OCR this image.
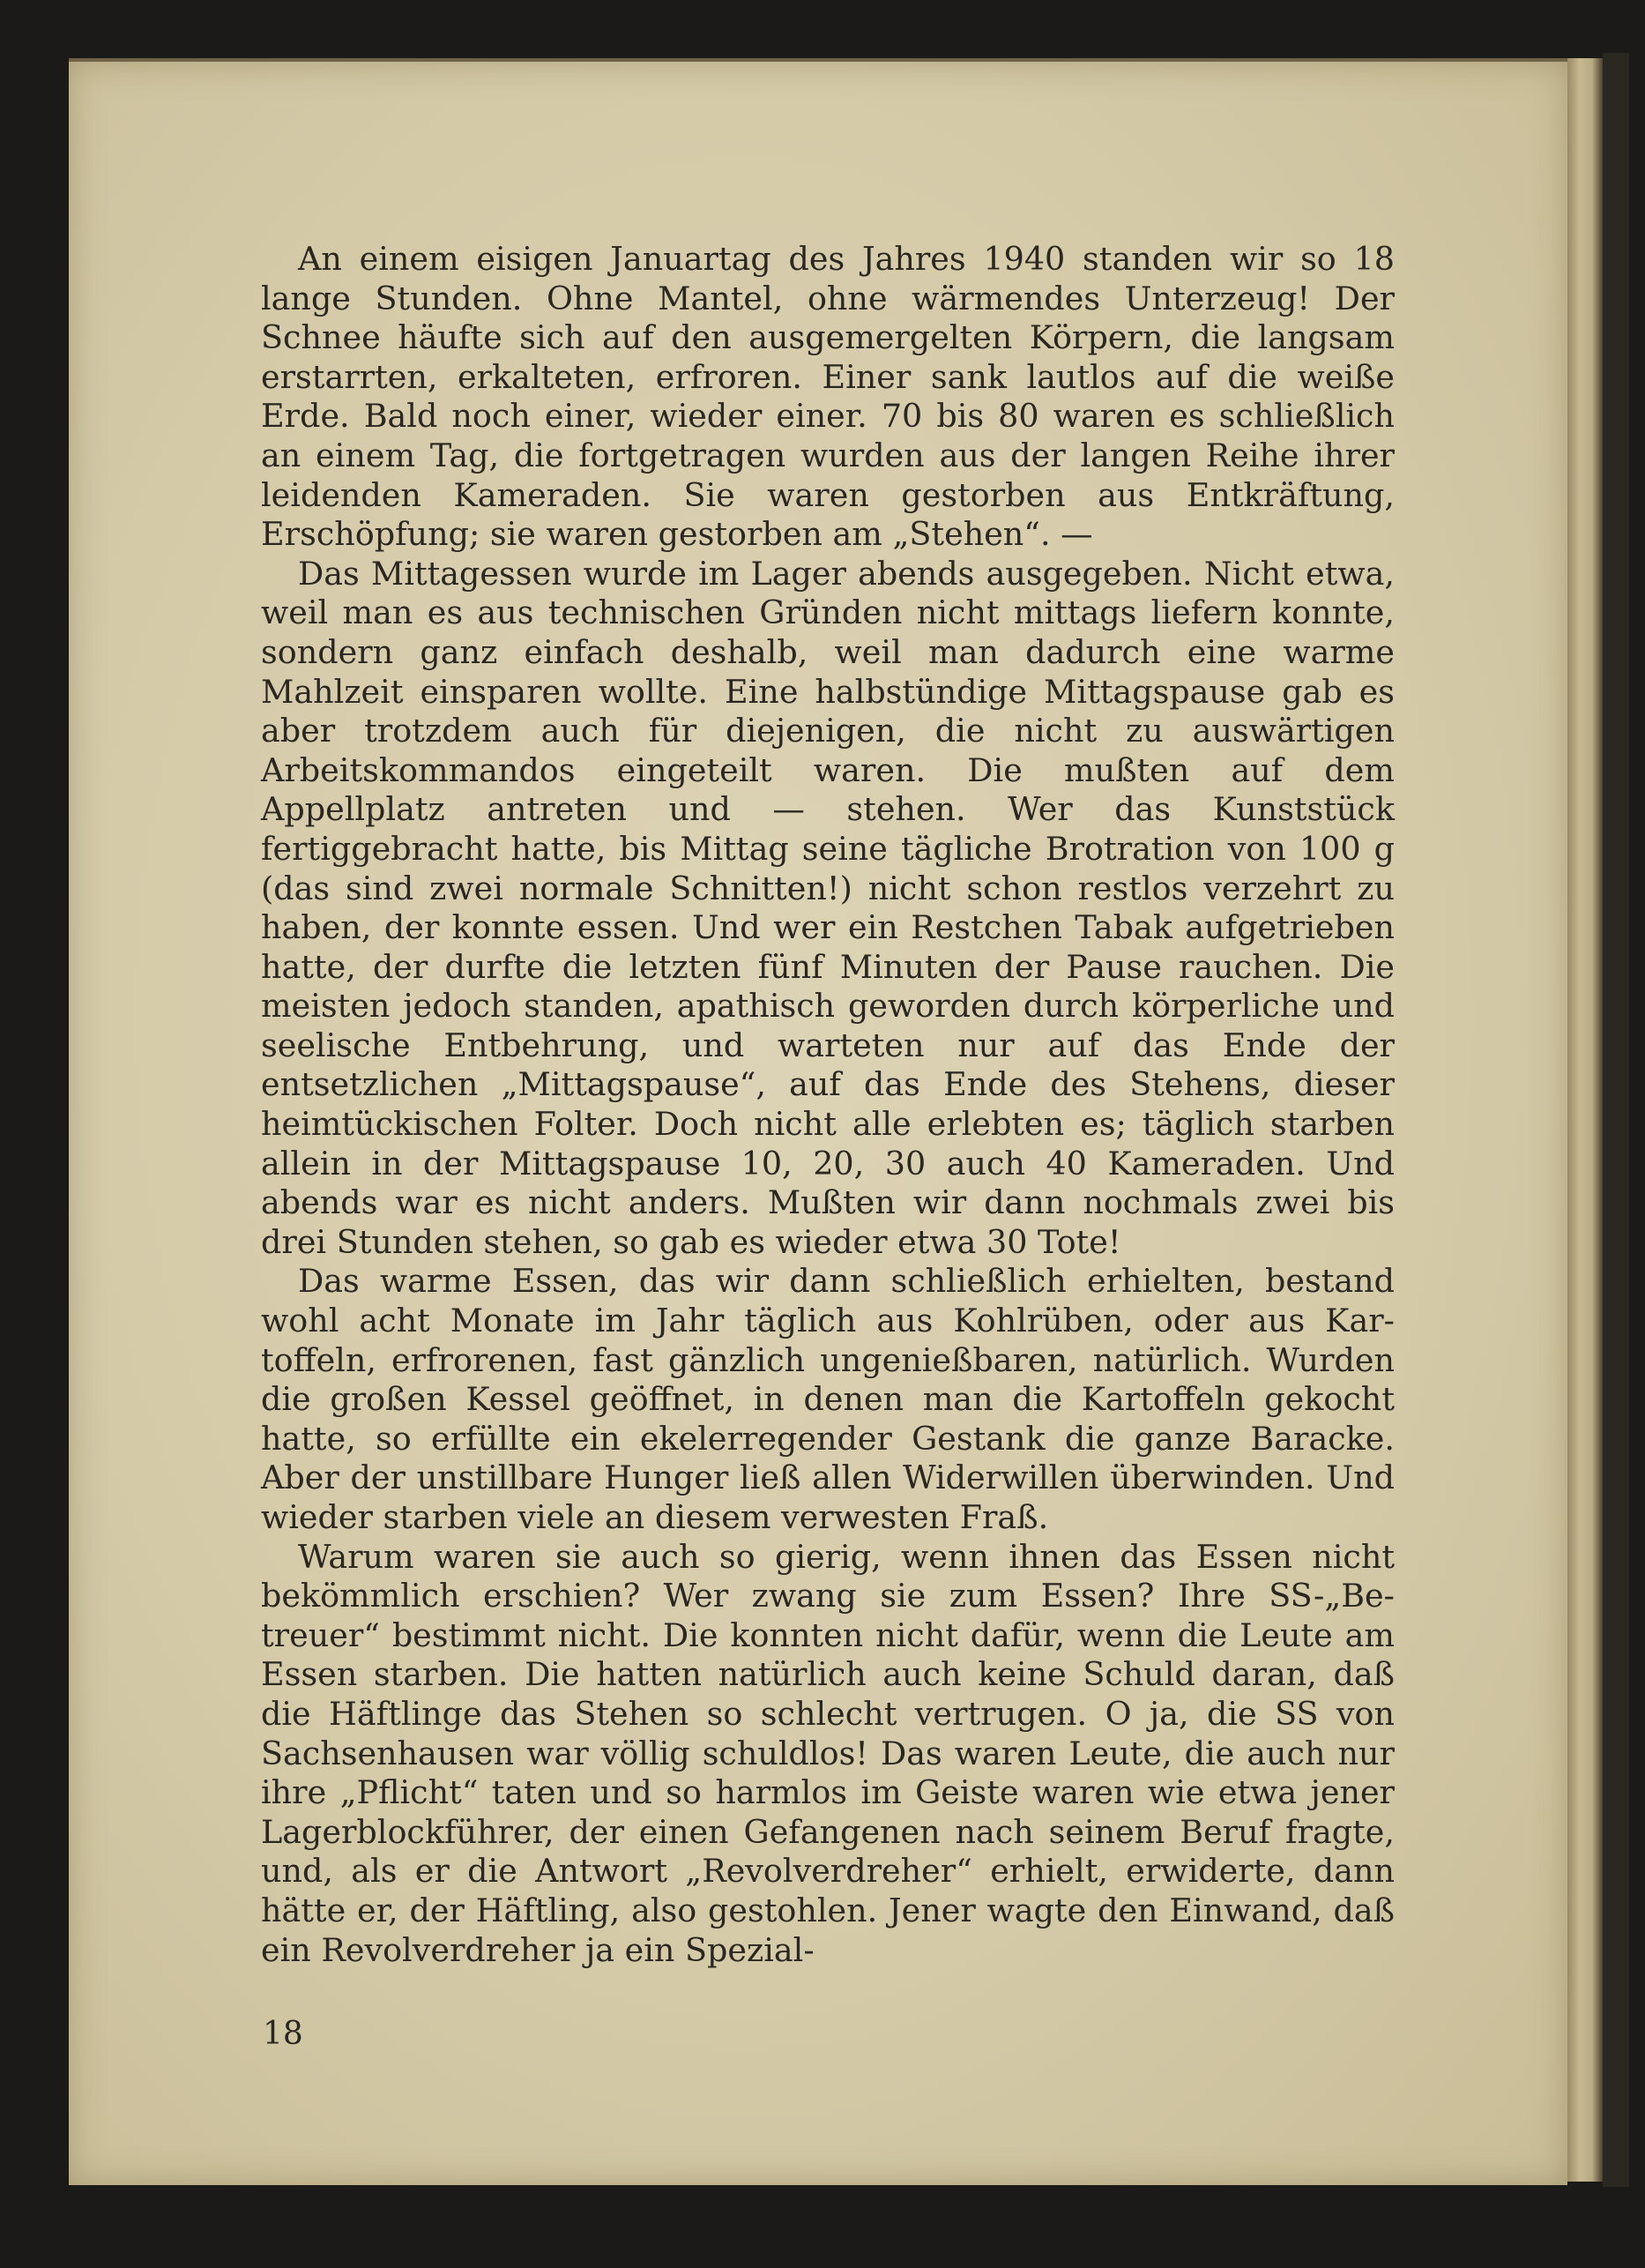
An einem eisigen Januartag des Jahres 1940 standen wir so 18 lange Stunden. Ohne Mantel, ohne wärmendes Unterzeug! Der Schnee häufte sich auf den ausgemergelten Körpern, die langsam erstarrten, erkalteten, erfroren. Einer sank lautlos auf die weiße Erde. Bald noch einer, wieder einer. 70 bis 80 waren es schließlich an einem Tag, die fortgetragen wurden aus der langen Reihe ihrer leidenden Kameraden. Sie waren gestorben aus Entkräftung, Erschöpfung; sie waren gestorben am „Stehen“. —

Das Mittagessen wurde im Lager abends ausgegeben. Nicht etwa, weil man es aus technischen Gründen nicht mittags liefern konnte, sondern ganz einfach deshalb, weil man dadurch eine warme Mahlzeit einsparen wollte. Eine halbstündige Mittagspause gab es aber trotzdem auch für diejenigen, die nicht zu auswärtigen Arbeitskommandos eingeteilt waren. Die mußten auf dem Appellplatz antreten und — stehen. Wer das Kunststück fertiggebracht hatte, bis Mittag seine tägliche Brotration von 100 g (das sind zwei normale Schnitten!) nicht schon restlos verzehrt zu haben, der konnte essen. Und wer ein Restchen Tabak aufgetrieben hatte, der durfte die letzten fünf Minuten der Pause rauchen. Die meisten jedoch standen, apathisch geworden durch körperliche und seelische Entbehrung, und warteten nur auf das Ende der entsetzlichen „Mittagspause“, auf das Ende des Stehens, dieser heimtückischen Folter. Doch nicht alle erlebten es; täglich starben allein in der Mittagspause 10, 20, 30 auch 40 Kameraden. Und abends war es nicht anders. Mußten wir dann nochmals zwei bis drei Stunden stehen, so gab es wieder etwa 30 Tote!

Das warme Essen, das wir dann schließlich erhielten, bestand wohl acht Monate im Jahr täglich aus Kohlrüben, oder aus Kartoffeln, erfrorenen, fast gänzlich ungenießbaren, natürlich. Wurden die großen Kessel geöffnet, in denen man die Kartoffeln gekocht hatte, so erfüllte ein ekelerregender Gestank die ganze Baracke. Aber der unstillbare Hunger ließ allen Widerwillen überwinden. Und wieder starben viele an diesem verwesten Fraß.

Warum waren sie auch so gierig, wenn ihnen das Essen nicht bekömmlich erschien? Wer zwang sie zum Essen? Ihre SS-„Betreuer“ bestimmt nicht. Die konnten nicht dafür, wenn die Leute am Essen starben. Die hatten natürlich auch keine Schuld daran, daß die Häftlinge das Stehen so schlecht vertrugen. O ja, die SS von Sachsenhausen war völlig schuldlos! Das waren Leute, die auch nur ihre „Pflicht“ taten und so harmlos im Geiste waren wie etwa jener Lagerblockführer, der einen Gefangenen nach seinem Beruf fragte, und, als er die Antwort „Revolverdreher“ erhielt, erwiderte, dann hätte er, der Häftling, also gestohlen. Jener wagte den Einwand, daß ein Revolverdreher ja ein Spezial-

18
